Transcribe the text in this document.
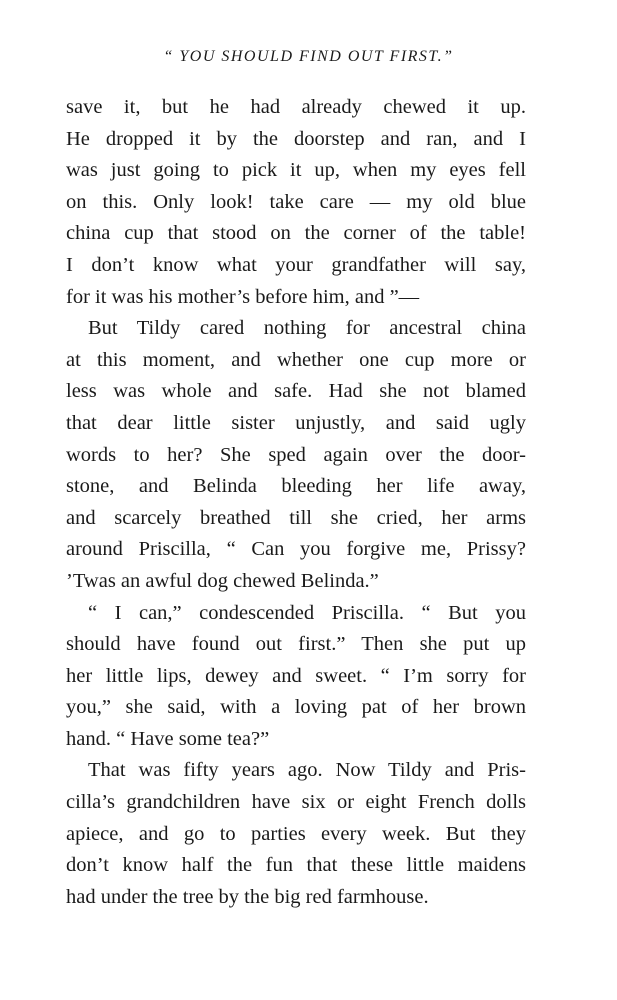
“ YOU SHOULD FIND OUT FIRST.”
save it, but he had already chewed it up.
He dropped it by the doorstep and ran, and I
was just going to pick it up, when my eyes fell
on this. Only look! take care — my old blue
china cup that stood on the corner of the table!
I don’t know what your grandfather will say,
for it was his mother’s before him, and ”—
But Tildy cared nothing for ancestral china
at this moment, and whether one cup more or
less was whole and safe. Had she not blamed
that dear little sister unjustly, and said ugly
words to her? She sped again over the door-
stone, and Belinda bleeding her life away,
and scarcely breathed till she cried, her arms
around Priscilla, “ Can you forgive me, Prissy?
’Twas an awful dog chewed Belinda.”
“ I can,” condescended Priscilla. “ But you
should have found out first.” Then she put up
her little lips, dewey and sweet. “ I’m sorry for
you,” she said, with a loving pat of her brown
hand. “ Have some tea?”
That was fifty years ago. Now Tildy and Pris-
cilla’s grandchildren have six or eight French dolls
apiece, and go to parties every week. But they
don’t know half the fun that these little maidens
had under the tree by the big red farmhouse.
